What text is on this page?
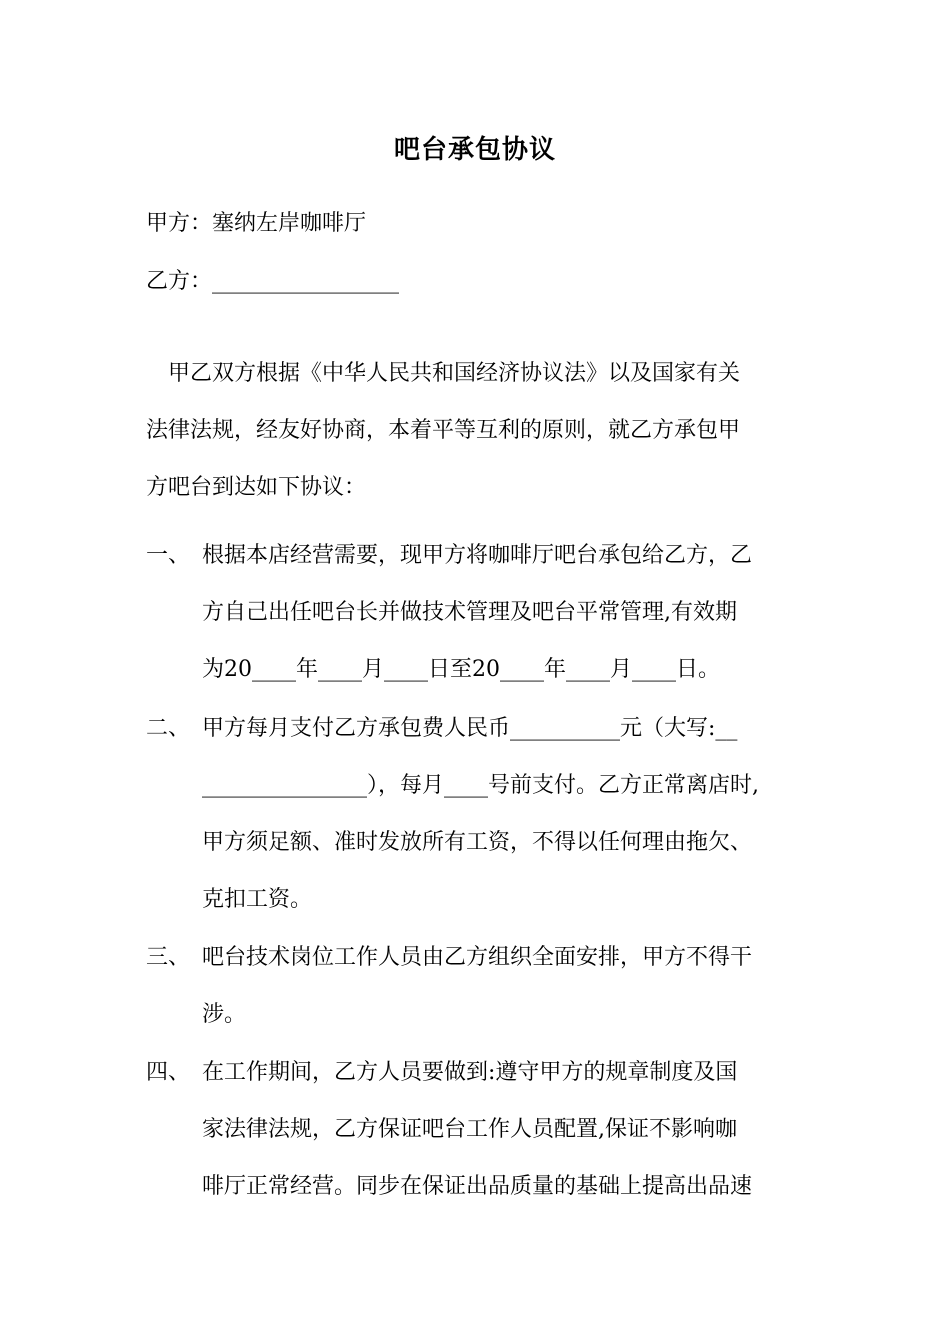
吧台承包协议
甲方：塞纳左岸咖啡厅
乙方：_________________
甲乙双方根据《中华人民共和国经济协议法》以及国家有关
法律法规，经友好协商，本着平等互利的原则，就乙方承包甲
方吧台到达如下协议：
一、 根据本店经营需要，现甲方将咖啡厅吧台承包给乙方，乙
方自己出任吧台长并做技术管理及吧台平常管理,有效期
为20____年____月____日至20____年____月____日。
二、 甲方每月支付乙方承包费人民币__________元（大写:__
_______________），每月____号前支付。乙方正常离店时,
甲方须足额、准时发放所有工资，不得以任何理由拖欠、
克扣工资。
三、 吧台技术岗位工作人员由乙方组织全面安排，甲方不得干
涉。
四、 在工作期间，乙方人员要做到:遵守甲方的规章制度及国
家法律法规，乙方保证吧台工作人员配置,保证不影响咖
啡厅正常经营。同步在保证出品质量的基础上提高出品速
